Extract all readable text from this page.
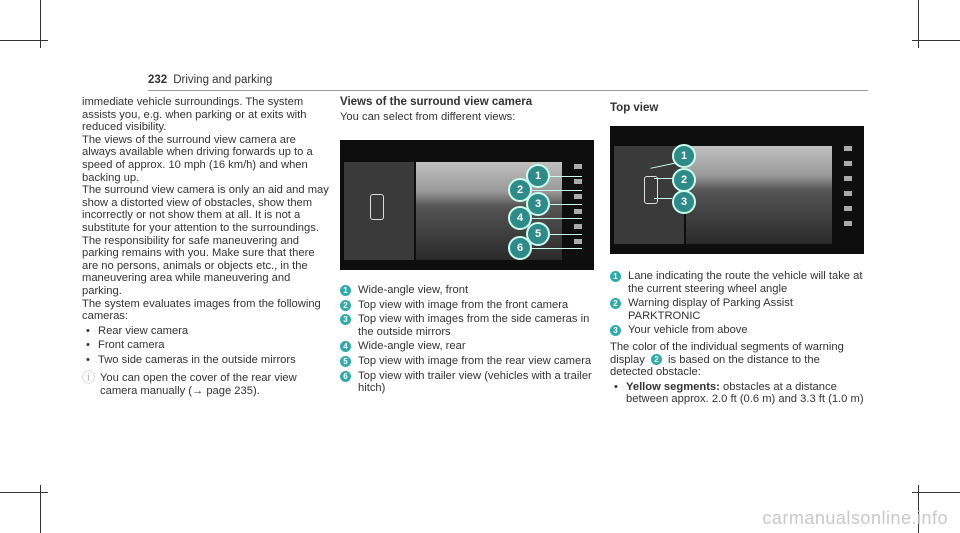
232 Driving and parking

immediate vehicle surroundings. The system assists you, e.g. when parking or at exits with reduced visibility.

The views of the surround view camera are always available when driving forwards up to a speed of approx. 10 mph (16 km/h) and when backing up.

The surround view camera is only an aid and may show a distorted view of obstacles, show them incorrectly or not show them at all. It is not a substitute for your attention to the surroundings. The responsibility for safe maneuvering and parking remains with you. Make sure that there are no persons, animals or objects etc., in the maneuvering area while maneuvering and parking.

The system evaluates images from the following cameras:

• Rear view camera
• Front camera
• Two side cameras in the outside mirrors
ⓘ You can open the cover of the rear view camera manually (→ page 235).
Views of the surround view camera

You can select from different views:

1
2
3
4
5
6
1 Wide-angle view, front
2 Top view with image from the front camera
3 Top view with images from the side cameras in the outside mirrors
4 Wide-angle view, rear
5 Top view with image from the rear view camera
6 Top view with trailer view (vehicles with a trailer hitch)
Top view
1
2
3
1 Lane indicating the route the vehicle will take at the current steering wheel angle
2 Warning display of Parking Assist PARKTRONIC
3 Your vehicle from above

The color of the individual segments of warning display 2 is based on the distance to the detected obstacle:

• Yellow segments: obstacles at a distance between approx. 2.0 ft (0.6 m) and 3.3 ft (1.0 m)
carmanualsonline.info
